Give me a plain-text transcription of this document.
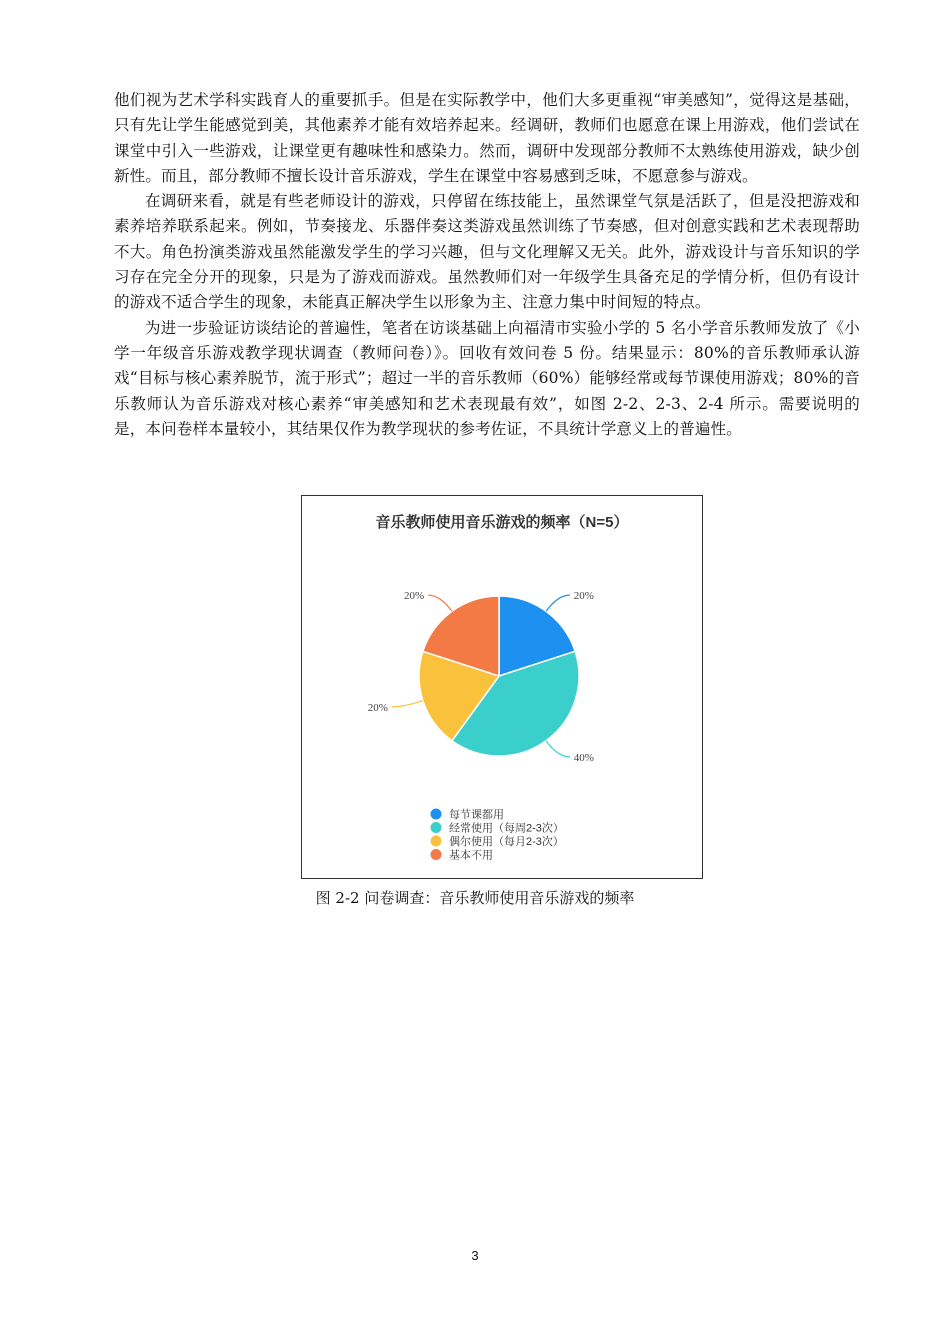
他们视为艺术学科实践育人的重要抓手。但是在实际教学中，他们大多更重视“审美感知”，觉得这是基础，只有先让学生能感觉到美，其他素养才能有效培养起来。经调研，教师们也愿意在课上用游戏，他们尝试在课堂中引入一些游戏，让课堂更有趣味性和感染力。然而，调研中发现部分教师不太熟练使用游戏，缺少创新性。而且，部分教师不擅长设计音乐游戏，学生在课堂中容易感到乏味，不愿意参与游戏。

在调研来看，就是有些老师设计的游戏，只停留在练技能上，虽然课堂气氛是活跃了，但是没把游戏和素养培养联系起来。例如，节奏接龙、乐器伴奏这类游戏虽然训练了节奏感，但对创意实践和艺术表现帮助不大。角色扮演类游戏虽然能激发学生的学习兴趣，但与文化理解又无关。此外，游戏设计与音乐知识的学习存在完全分开的现象，只是为了游戏而游戏。虽然教师们对一年级学生具备充足的学情分析，但仍有设计的游戏不适合学生的现象，未能真正解决学生以形象为主、注意力集中时间短的特点。

为进一步验证访谈结论的普遍性，笔者在访谈基础上向福清市实验小学的 5 名小学音乐教师发放了《小学一年级音乐游戏教学现状调查（教师问卷）》。回收有效问卷 5 份。结果显示：80%的音乐教师承认游戏“目标与核心素养脱节，流于形式”；超过一半的音乐教师（60%）能够经常或每节课使用游戏；80%的音乐教师认为音乐游戏对核心素养“审美感知和艺术表现最有效”，如图 2-2、2-3、2-4 所示。需要说明的是，本问卷样本量较小，其结果仅作为教学现状的参考佐证，不具统计学意义上的普遍性。

音乐教师使用音乐游戏的频率（N=5）
20%
40%
20%
20%
每节课都用
经常使用（每周2-3次）
偶尔使用（每月2-3次）
基本不用
图 2-2 问卷调查：音乐教师使用音乐游戏的频率
3
